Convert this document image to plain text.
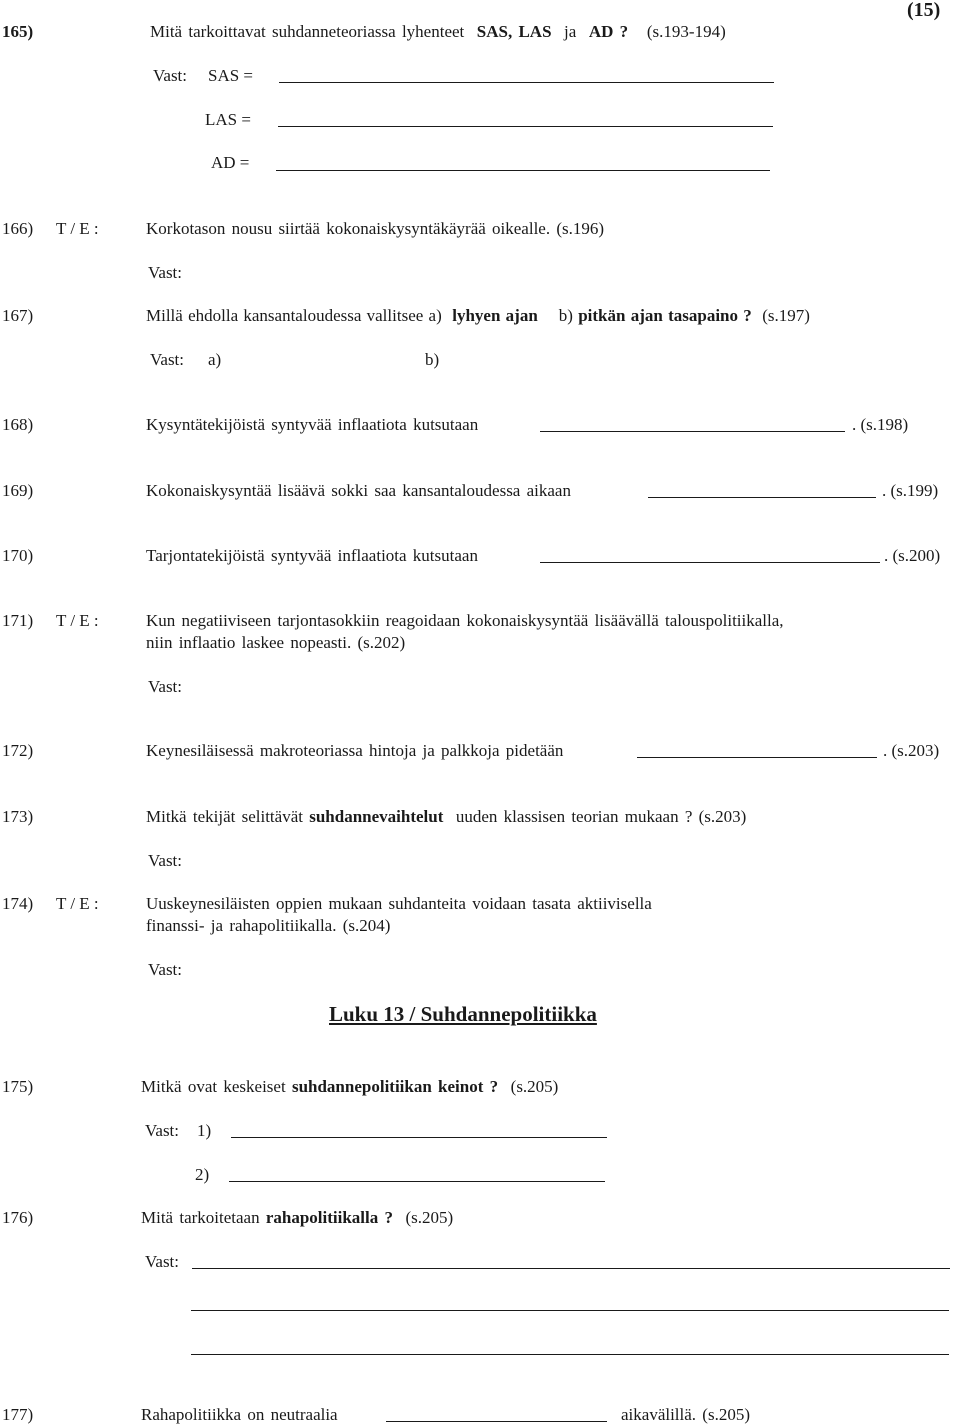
(15)
165)	Mitä tarkoittavat suhdanneteoriassa lyhenteet SAS, LAS ja AD ? (s.193-194)
Vast: SAS =
LAS =
AD =
166) T / E :	Korkotason nousu siirtää kokonaiskysyntäkäyrää oikealle. (s.196)
Vast:
167)	Millä ehdolla kansantaloudessa vallitsee a) lyhyen ajan b) pitkän ajan tasapaino ? (s.197)
Vast: a)	b)
168)	Kysyntätekijöistä syntyvää inflaatiota kutsutaan	. (s.198)
169)	Kokonaiskysyntää lisäävä sokki saa kansantaloudessa aikaan	. (s.199)
170)	Tarjontatekijöistä syntyvää inflaatiota kutsutaan	. (s.200)
171) T / E :	Kun negatiiviseen tarjontasokkiin reagoidaan kokonaiskysyntää lisäävällä talouspolitiikalla,
niin inflaatio laskee nopeasti. (s.202)
Vast:
172)	Keynesiläisessä makroteoriassa hintoja ja palkkoja pidetään	. (s.203)
173)	Mitkä tekijät selittävät suhdannevaihtelut uuden klassisen teorian mukaan ? (s.203)
Vast:
174) T / E :	Uuskeynesiläisten oppien mukaan suhdanteita voidaan tasata aktiivisella
finanssi- ja rahapolitiikalla. (s.204)
Vast:
Luku 13 / Suhdannepolitiikka
175)	Mitkä ovat keskeiset suhdannepolitiikan keinot ? (s.205)
Vast: 1)
2)
176)	Mitä tarkoitetaan rahapolitiikalla ? (s.205)
Vast:
177)	Rahapolitiikka on neutraalia	aikavälillä. (s.205)
